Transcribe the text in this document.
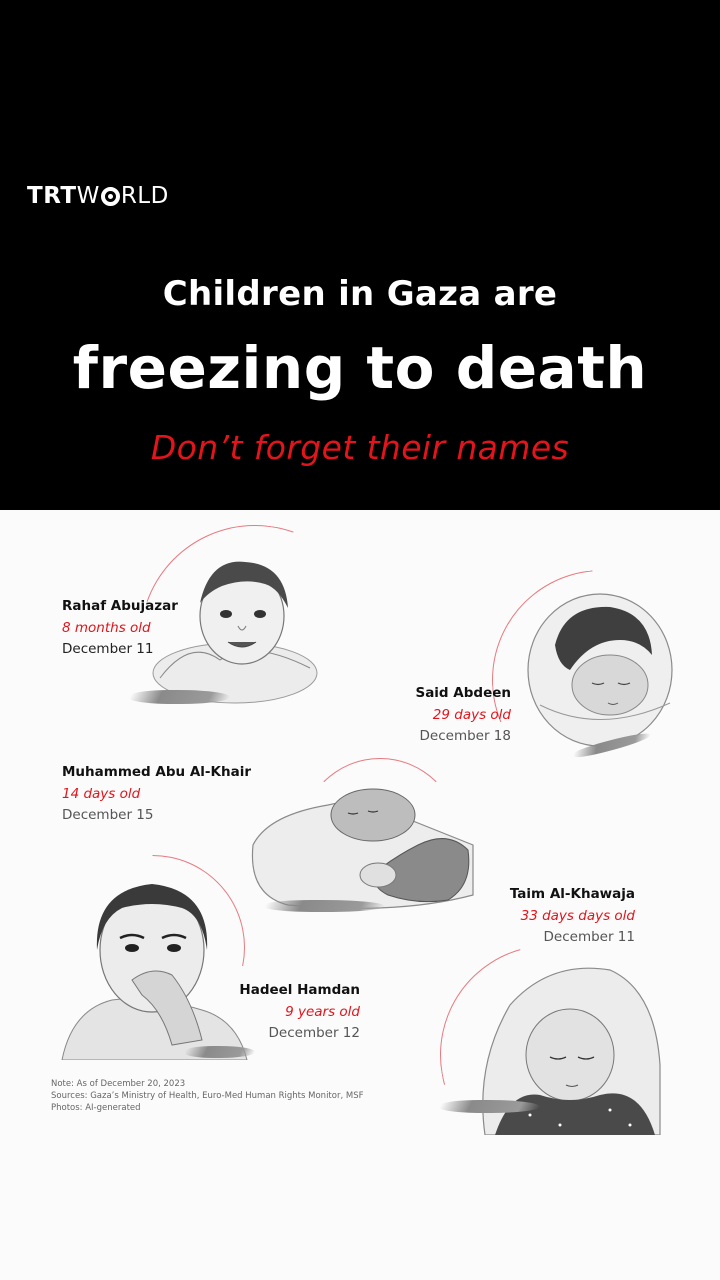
TRT W RLD
Children in Gaza are
freezing to death
Don’t forget their names
Rahaf Abujazar
8 months old
December 11
Said Abdeen
29 days old
December 18
Muhammed Abu Al-Khair
14 days old
December 15
Hadeel Hamdan
9 years old
December 12
Taim Al-Khawaja
33 days days old
December 11
Note: As of December 20, 2023
Sources: Gaza’s Ministry of Health, Euro-Med Human Rights Monitor, MSF
Photos: AI-generated
